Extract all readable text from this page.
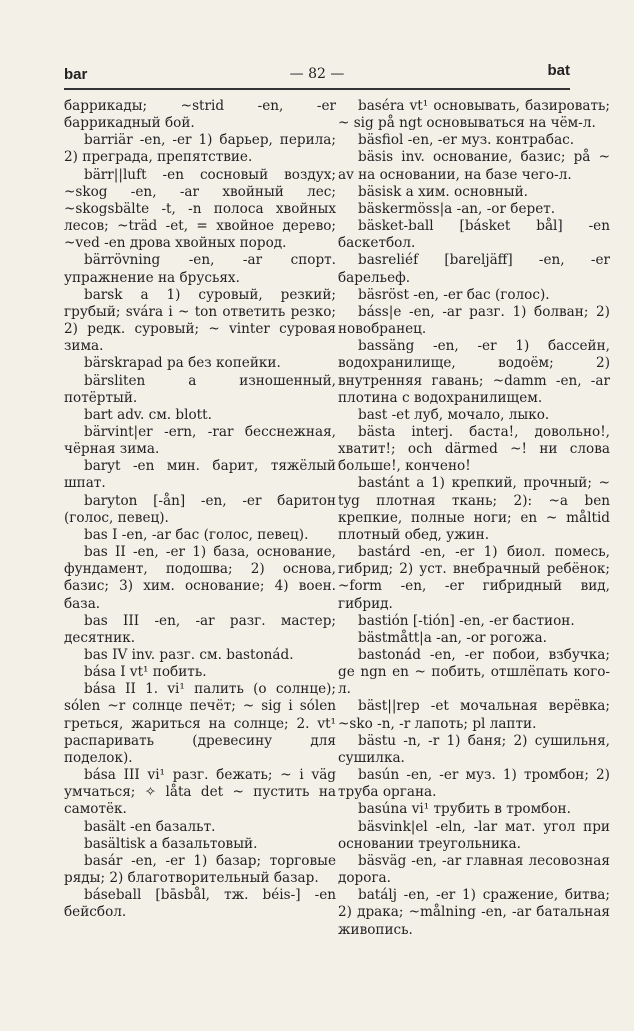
bar	— 82 —	bat

баррикады; ~strid -en, -er баррикадный бой.

barriär -en, -er 1) барьер, перила; 2) преграда, препятствие.

bärr||luft -en сосновый воздух; ~skog -en, -ar хвойный лес; ~skogsbälte -t, -n полоса хвойных лесов; ~träd -et, = хвойное дерево; ~ved -en дрова хвойных пород.

bärrövning -en, -ar спорт. упражнение на брусьях.

barsk a 1) суровый, резкий; грубый; svára i ~ ton ответить резко; 2) редк. суровый; ~ vinter суровая зима.

bärskrapad pa без копейки.

bärsliten a изношенный, потёртый.

bart adv. см. blott.

bärvint|er -ern, -rar бесснежная, чёрная зима.

baryt -en мин. барит, тяжёлый шпат.

baryton [-ån] -en, -er баритон (голос, певец).

bas I -en, -ar бас (голос, певец).

bas II -en, -er 1) база, основание, фундамент, подошва; 2) основа, базис; 3) хим. основание; 4) воен. база.

bas III -en, -ar разг. мастер; десятник.

bas IV inv. разг. см. bastonád.

bása I vt¹ побить.

bása II 1. vi¹ палить (о солнце); sólen ~r солнце печёт; ~ sig i sólen греться, жариться на солнце; 2. vt¹ распаривать (древесину для поделок).

bása III vi¹ разг. бежать; ~ i väg умчаться; ✧ låta det ~ пустить на самотёк.

basält -en базальт.

basältisk a базальтовый.

basár -en, -er 1) базар; торговые ряды; 2) благотворительный базар.

báseball [bāsbål, тж. béis-] -en бейсбол.

baséra vt¹ основывать, базировать; ~ sig på ngt основываться на чём-л.

bäsfiol -en, -er муз. контрабас.

bäsis inv. основание, базис; på ~ av на основании, на базе чего-л.

bäsisk a хим. основный.

bäskermöss|a -an, -or берет.

bäsket-ball [básket bål] -en баскетбол.

basreliéf [bareljäff] -en, -er барельеф.

bäsröst -en, -er бас (голос).

báss|e -en, -ar разг. 1) болван; 2) новобранец.

bassäng -en, -er 1) бассейн, водохранилище, водоём; 2) внутренняя гавань; ~damm -en, -ar плотина с водохранилищем.

bast -et луб, мочало, лыко.

bästa interj. баста!, довольно!, хватит!; och därmed ~! ни слова больше!, кончено!

bastánt a 1) крепкий, прочный; ~ tyg плотная ткань; 2): ~a ben крепкие, полные ноги; en ~ måltid плотный обед, ужин.

bastárd -en, -er 1) биол. помесь, гибрид; 2) уст. внебрачный ребёнок; ~form -en, -er гибридный вид, гибрид.

bastión [-tión] -en, -er бастион.

bästmått|a -an, -or рогожа.

bastonád -en, -er побои, взбучка; ge ngn en ~ побить, отшлёпать кого-л.

bäst||rep -et мочальная верёвка; ~sko -n, -r лапоть; pl лапти.

bästu -n, -r 1) баня; 2) сушильня, сушилка.

basún -en, -er муз. 1) тромбон; 2) труба органа.

basúna vi¹ трубить в тромбон.

bäsvink|el -eln, -lar мат. угол при основании треугольника.

bäsväg -en, -ar главная лесовозная дорога.

batálj -en, -er 1) сражение, битва; 2) драка; ~målning -en, -ar батальная живопись.
